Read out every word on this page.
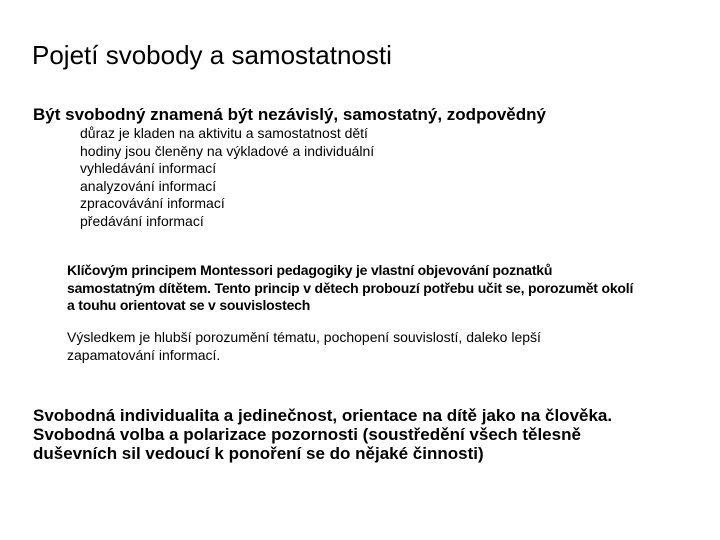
Pojetí svobody a samostatnosti
Být svobodný znamená být nezávislý, samostatný, zodpovědný
důraz je kladen na aktivitu a samostatnost dětí
hodiny jsou členěny na výkladové a individuální
vyhledávání informací
analyzování informací
zpracovávání informací
předávání informací
Klíčovým principem Montessori pedagogiky je vlastní objevování poznatků samostatným dítětem. Tento princip v dětech probouzí potřebu učit se, porozumět okolí a touhu orientovat se v souvislostech
Výsledkem je hlubší porozumění tématu, pochopení souvislostí, daleko lepší zapamatování informací.

Svobodná individualita a jedinečnost, orientace na dítě jako na člověka.

Svobodná volba a polarizace pozornosti (soustředění všech tělesně duševních sil vedoucí k ponoření se do nějaké činnosti)
